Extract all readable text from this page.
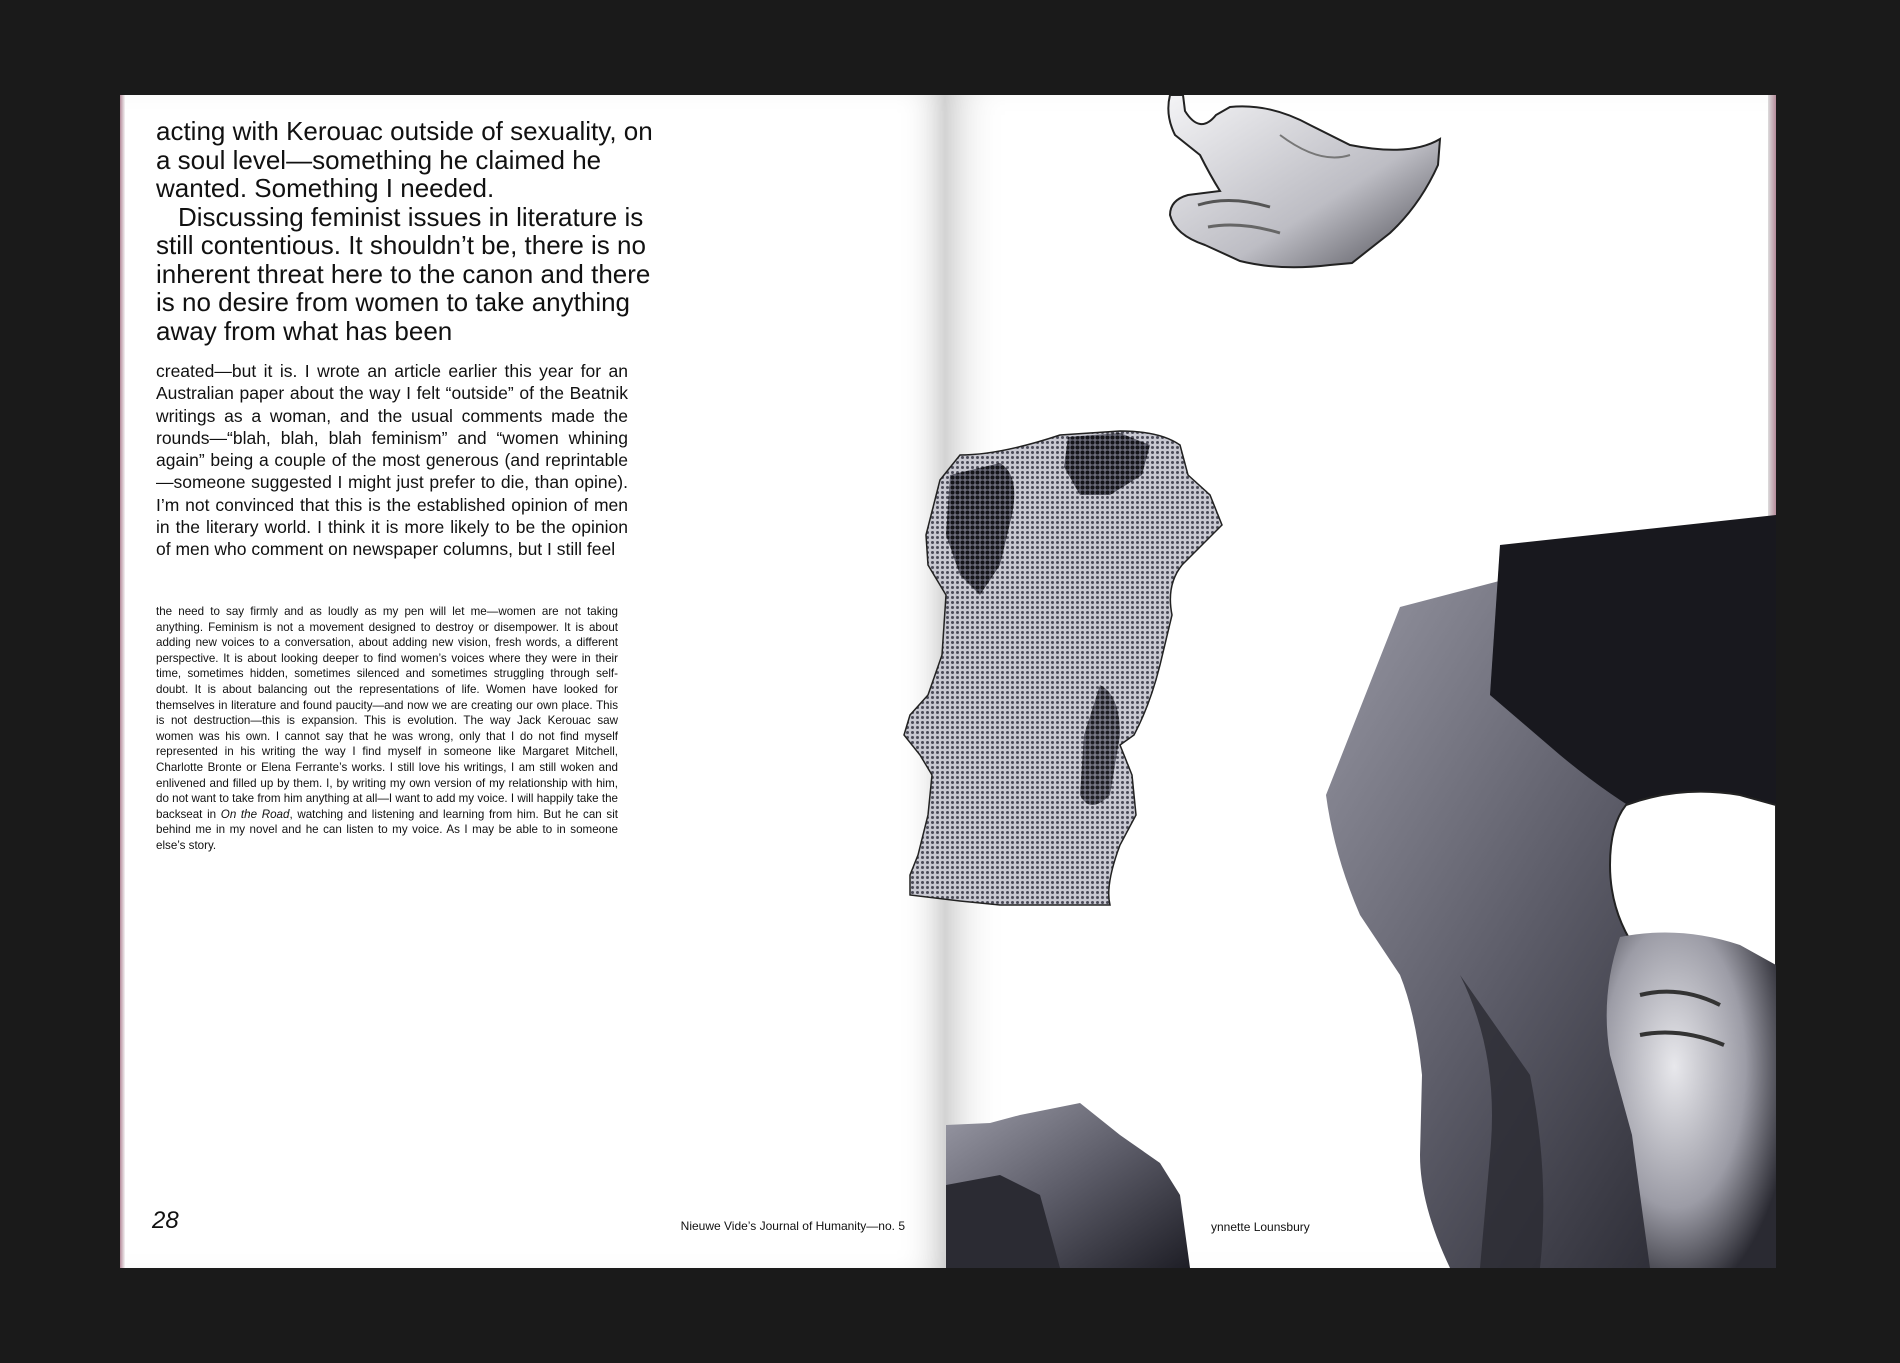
acting with Kerouac outside of sexuality, on a soul level—something he claimed he wanted. Something I needed.

Discussing feminist issues in literature is still contentious. It shouldn’t be, there is no inherent threat here to the canon and there is no desire from women to take anything away from what has been

created—but it is. I wrote an article earlier this year for an Australian paper about the way I felt “outside” of the Beatnik writings as a woman, and the usual comments made the rounds—“blah, blah, blah feminism” and “women whining again” being a couple of the most generous (and reprintable—someone suggested I might just prefer to die, than opine). I’m not convinced that this is the established opinion of men in the literary world. I think it is more likely to be the opinion of men who comment on newspaper columns, but I still feel

the need to say firmly and as loudly as my pen will let me—women are not taking anything. Feminism is not a movement designed to destroy or disempower. It is about adding new voices to a conversation, about adding new vision, fresh words, a different perspective. It is about looking deeper to find women’s voices where they were in their time, sometimes hidden, sometimes silenced and sometimes struggling through self-doubt. It is about balancing out the representations of life. Women have looked for themselves in literature and found paucity—and now we are creating our own place. This is not destruction—this is expansion. This is evolution. The way Jack Kerouac saw women was his own. I cannot say that he was wrong, only that I do not find myself represented in his writing the way I find myself in someone like Margaret Mitchell, Charlotte Bronte or Elena Ferrante’s works. I still love his writings, I am still woken and enlivened and filled up by them. I, by writing my own version of my relationship with him, do not want to take from him anything at all—I want to add my voice. I will happily take the backseat in On the Road, watching and listening and learning from him. But he can sit behind me in my novel and he can listen to my voice. As I may be able to in someone else’s story.

28	Nieuwe Vide’s Journal of Humanity—no. 5	ynnette Lounsbury
